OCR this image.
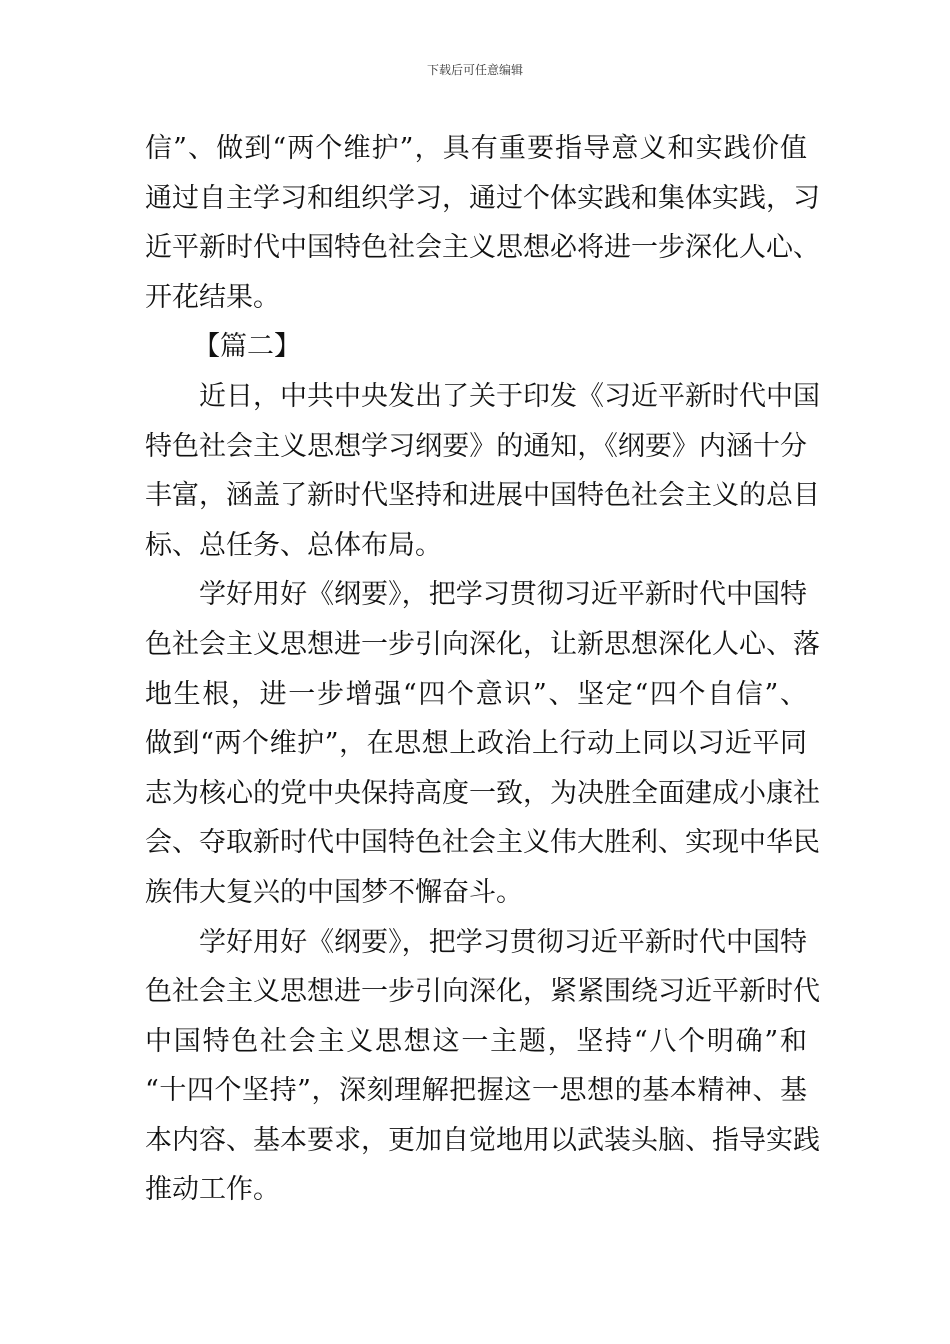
下载后可任意编辑
信”、做到“两个维护”，具有重要指导意义和实践价值
通过自主学习和组织学习，通过个体实践和集体实践，习
近平新时代中国特色社会主义思想必将进一步深化人心、
开花结果。
【篇二】
近日，中共中央发出了关于印发《习近平新时代中国
特色社会主义思想学习纲要》的通知，《纲要》内涵十分
丰富，涵盖了新时代坚持和进展中国特色社会主义的总目
标、总任务、总体布局。
学好用好《纲要》，把学习贯彻习近平新时代中国特
色社会主义思想进一步引向深化，让新思想深化人心、落
地生根，进一步增强“四个意识”、坚定“四个自信”、
做到“两个维护”，在思想上政治上行动上同以习近平同
志为核心的党中央保持高度一致，为决胜全面建成小康社
会、夺取新时代中国特色社会主义伟大胜利、实现中华民
族伟大复兴的中国梦不懈奋斗。
学好用好《纲要》，把学习贯彻习近平新时代中国特
色社会主义思想进一步引向深化，紧紧围绕习近平新时代
中国特色社会主义思想这一主题，坚持“八个明确”和
“十四个坚持”，深刻理解把握这一思想的基本精神、基
本内容、基本要求，更加自觉地用以武装头脑、指导实践
推动工作。
